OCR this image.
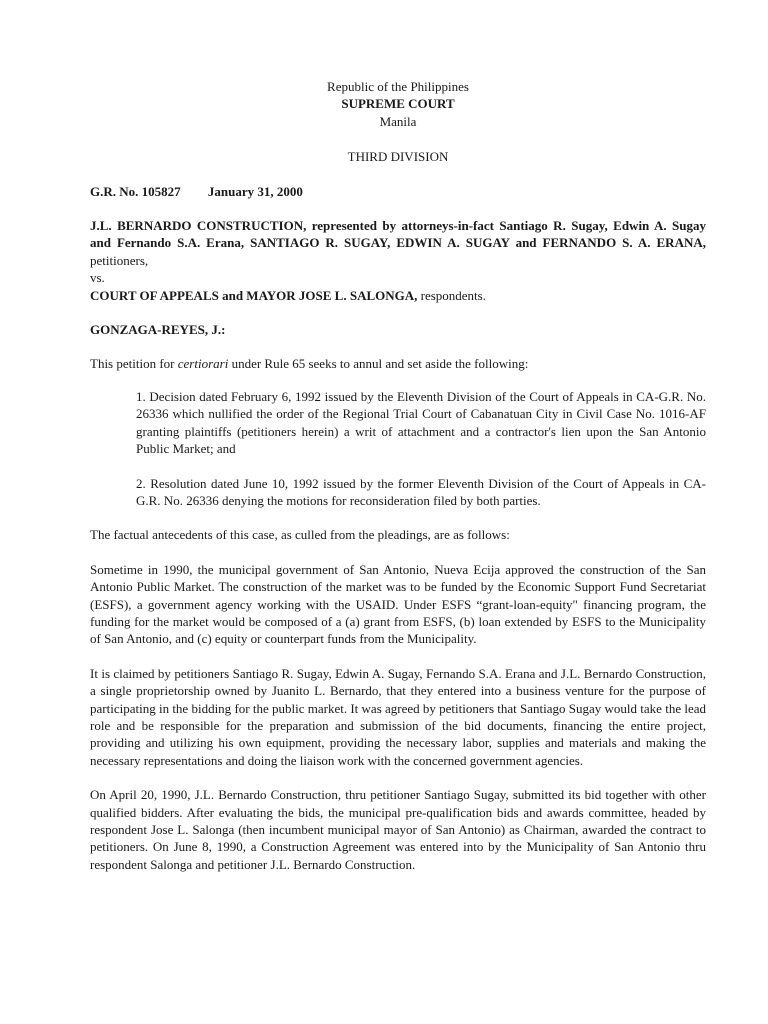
Republic of the Philippines
SUPREME COURT
Manila
THIRD DIVISION
G.R. No. 105827 January 31, 2000
J.L. BERNARDO CONSTRUCTION, represented by attorneys-in-fact Santiago R. Sugay, Edwin A. Sugay and Fernando S.A. Erana, SANTIAGO R. SUGAY, EDWIN A. SUGAY and FERNANDO S. A. ERANA, petitioners,
vs.
COURT OF APPEALS and MAYOR JOSE L. SALONGA, respondents.
GONZAGA-REYES, J.:

This petition for certiorari under Rule 65 seeks to annul and set aside the following:

1. Decision dated February 6, 1992 issued by the Eleventh Division of the Court of Appeals in CA-G.R. No. 26336 which nullified the order of the Regional Trial Court of Cabanatuan City in Civil Case No. 1016-AF granting plaintiffs (petitioners herein) a writ of attachment and a contractor's lien upon the San Antonio Public Market; and

2. Resolution dated June 10, 1992 issued by the former Eleventh Division of the Court of Appeals in CA-G.R. No. 26336 denying the motions for reconsideration filed by both parties.

The factual antecedents of this case, as culled from the pleadings, are as follows:

Sometime in 1990, the municipal government of San Antonio, Nueva Ecija approved the construction of the San Antonio Public Market. The construction of the market was to be funded by the Economic Support Fund Secretariat (ESFS), a government agency working with the USAID. Under ESFS “grant-loan-equity" financing program, the funding for the market would be composed of a (a) grant from ESFS, (b) loan extended by ESFS to the Municipality of San Antonio, and (c) equity or counterpart funds from the Municipality.

It is claimed by petitioners Santiago R. Sugay, Edwin A. Sugay, Fernando S.A. Erana and J.L. Bernardo Construction, a single proprietorship owned by Juanito L. Bernardo, that they entered into a business venture for the purpose of participating in the bidding for the public market. It was agreed by petitioners that Santiago Sugay would take the lead role and be responsible for the preparation and submission of the bid documents, financing the entire project, providing and utilizing his own equipment, providing the necessary labor, supplies and materials and making the necessary representations and doing the liaison work with the concerned government agencies.

On April 20, 1990, J.L. Bernardo Construction, thru petitioner Santiago Sugay, submitted its bid together with other qualified bidders. After evaluating the bids, the municipal pre-qualification bids and awards committee, headed by respondent Jose L. Salonga (then incumbent municipal mayor of San Antonio) as Chairman, awarded the contract to petitioners. On June 8, 1990, a Construction Agreement was entered into by the Municipality of San Antonio thru respondent Salonga and petitioner J.L. Bernardo Construction.
